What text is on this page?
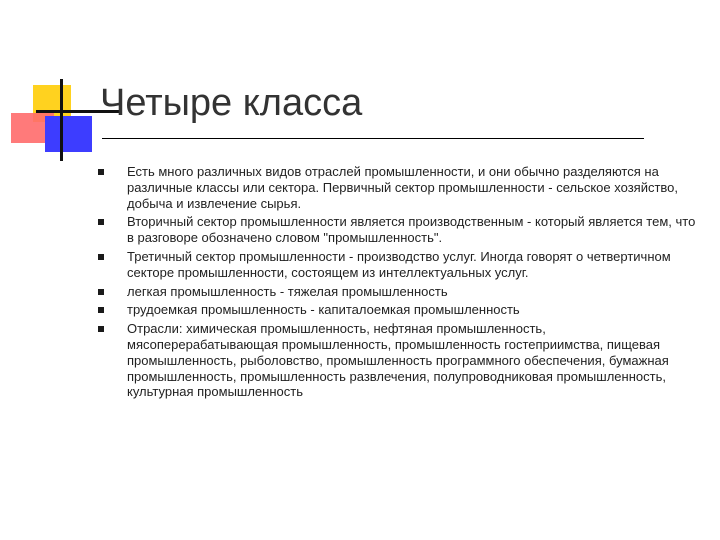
Четыре класса
Есть много различных видов отраслей промышленности, и они обычно разделяются на различные классы или сектора. Первичный сектор промышленности - сельское хозяйство, добыча и извлечение сырья.
Вторичный сектор промышленности является производственным - который является тем, что в разговоре обозначено словом "промышленность".
Третичный сектор промышленности - производство услуг. Иногда говорят о четвертичном секторе промышленности, состоящем из интеллектуальных услуг.
легкая промышленность - тяжелая промышленность
трудоемкая промышленность - капиталоемкая промышленность
Отрасли: химическая промышленность, нефтяная промышленность, мясоперерабатывающая промышленность, промышленность гостеприимства, пищевая промышленность, рыболовство, промышленность программного обеспечения, бумажная промышленность, промышленность развлечения, полупроводниковая промышленность, культурная промышленность
